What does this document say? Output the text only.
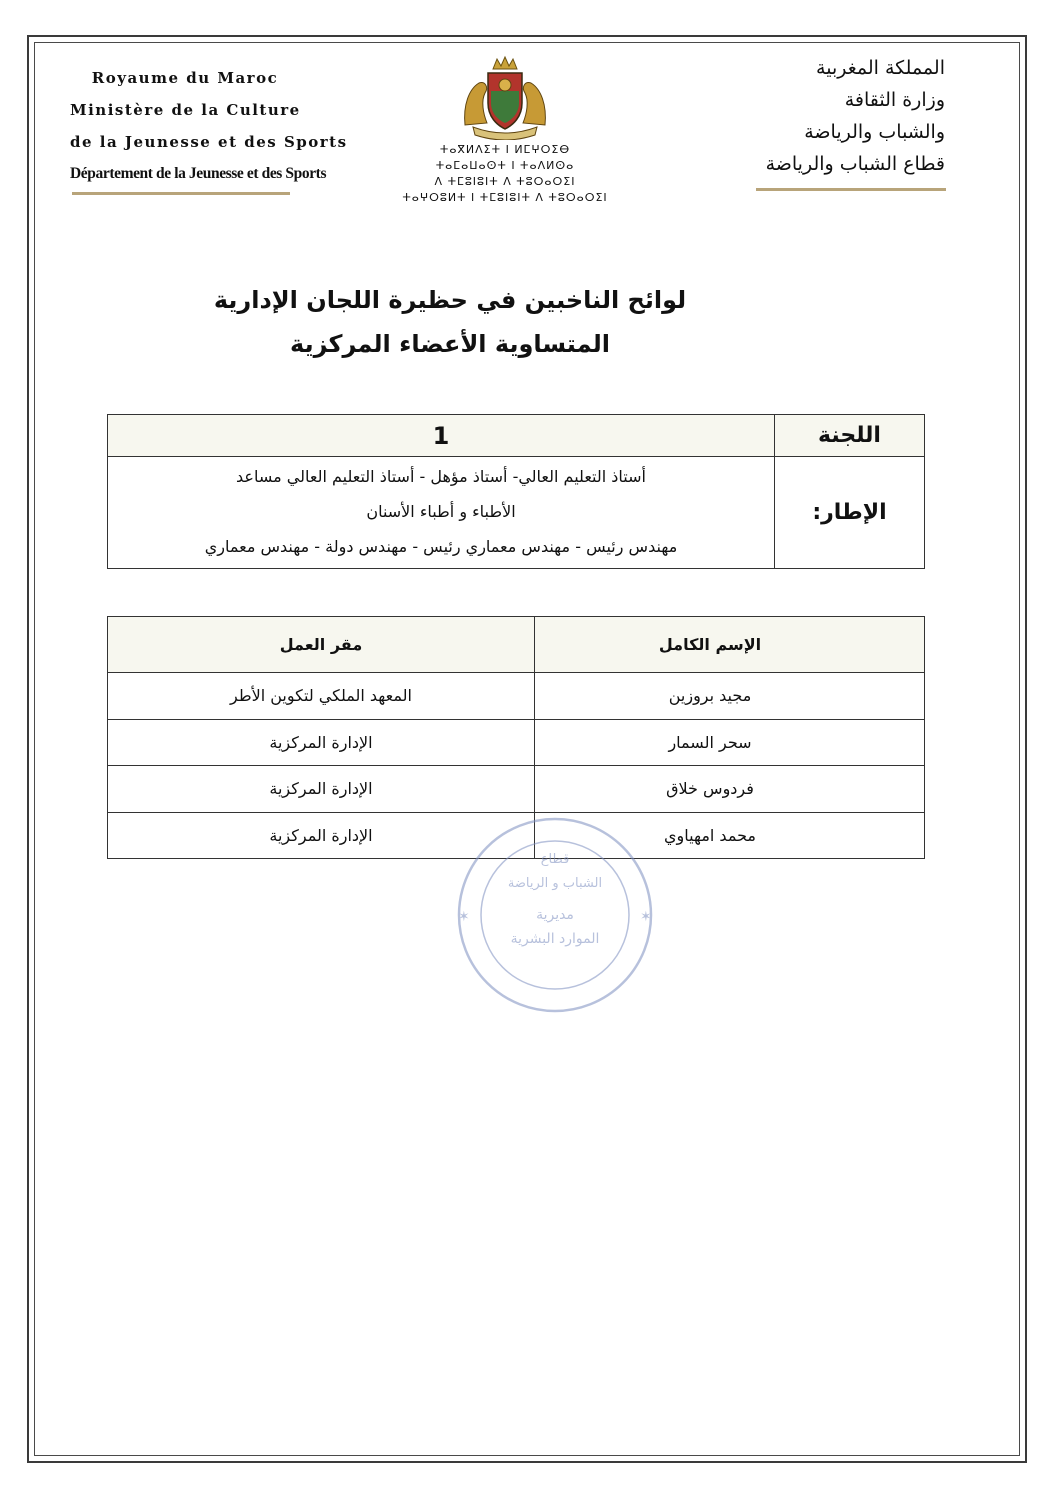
Royaume du Maroc
Ministère de la Culture
de la Jeunesse et des Sports
Département de la Jeunesse et des Sports
ⵜⴰⴳⵍⴷⵉⵜ ⵏ ⵍⵎⵖⵔⵉⴱ
ⵜⴰⵎⴰⵡⴰⵙⵜ ⵏ ⵜⴰⴷⵍⵙⴰ
ⴷ ⵜⵎⵓⵏⵓⵏⵜ ⴷ ⵜⵓⵔⴰⵔⵉⵏ
ⵜⴰⵖⵔⵓⵍⵜ ⵏ ⵜⵎⵓⵏⵓⵏⵜ ⴷ ⵜⵓⵔⴰⵔⵉⵏ
المملكة المغربية
وزارة الثقافة
والشباب والرياضة
قطاع الشباب والرياضة
لوائح الناخبين في حظيرة اللجان الإدارية
المتساوية الأعضاء المركزية
اللجنة	1
الإطار:	أستاذ التعليم العالي- أستاذ مؤهل - أستاذ التعليم العالي مساعد
الأطباء و أطباء الأسنان
مهندس رئيس - مهندس معماري رئيس - مهندس دولة - مهندس معماري
الإسم الكامل	مقر العمل
مجيد بروزين	المعهد الملكي لتكوين الأطر
سحر السمار	الإدارة المركزية
فردوس خلاق	الإدارة المركزية
محمد امهياوي	الإدارة المركزية
✶	✶
قطاع
الشباب و الرياضة
مديرية
الموارد البشرية
